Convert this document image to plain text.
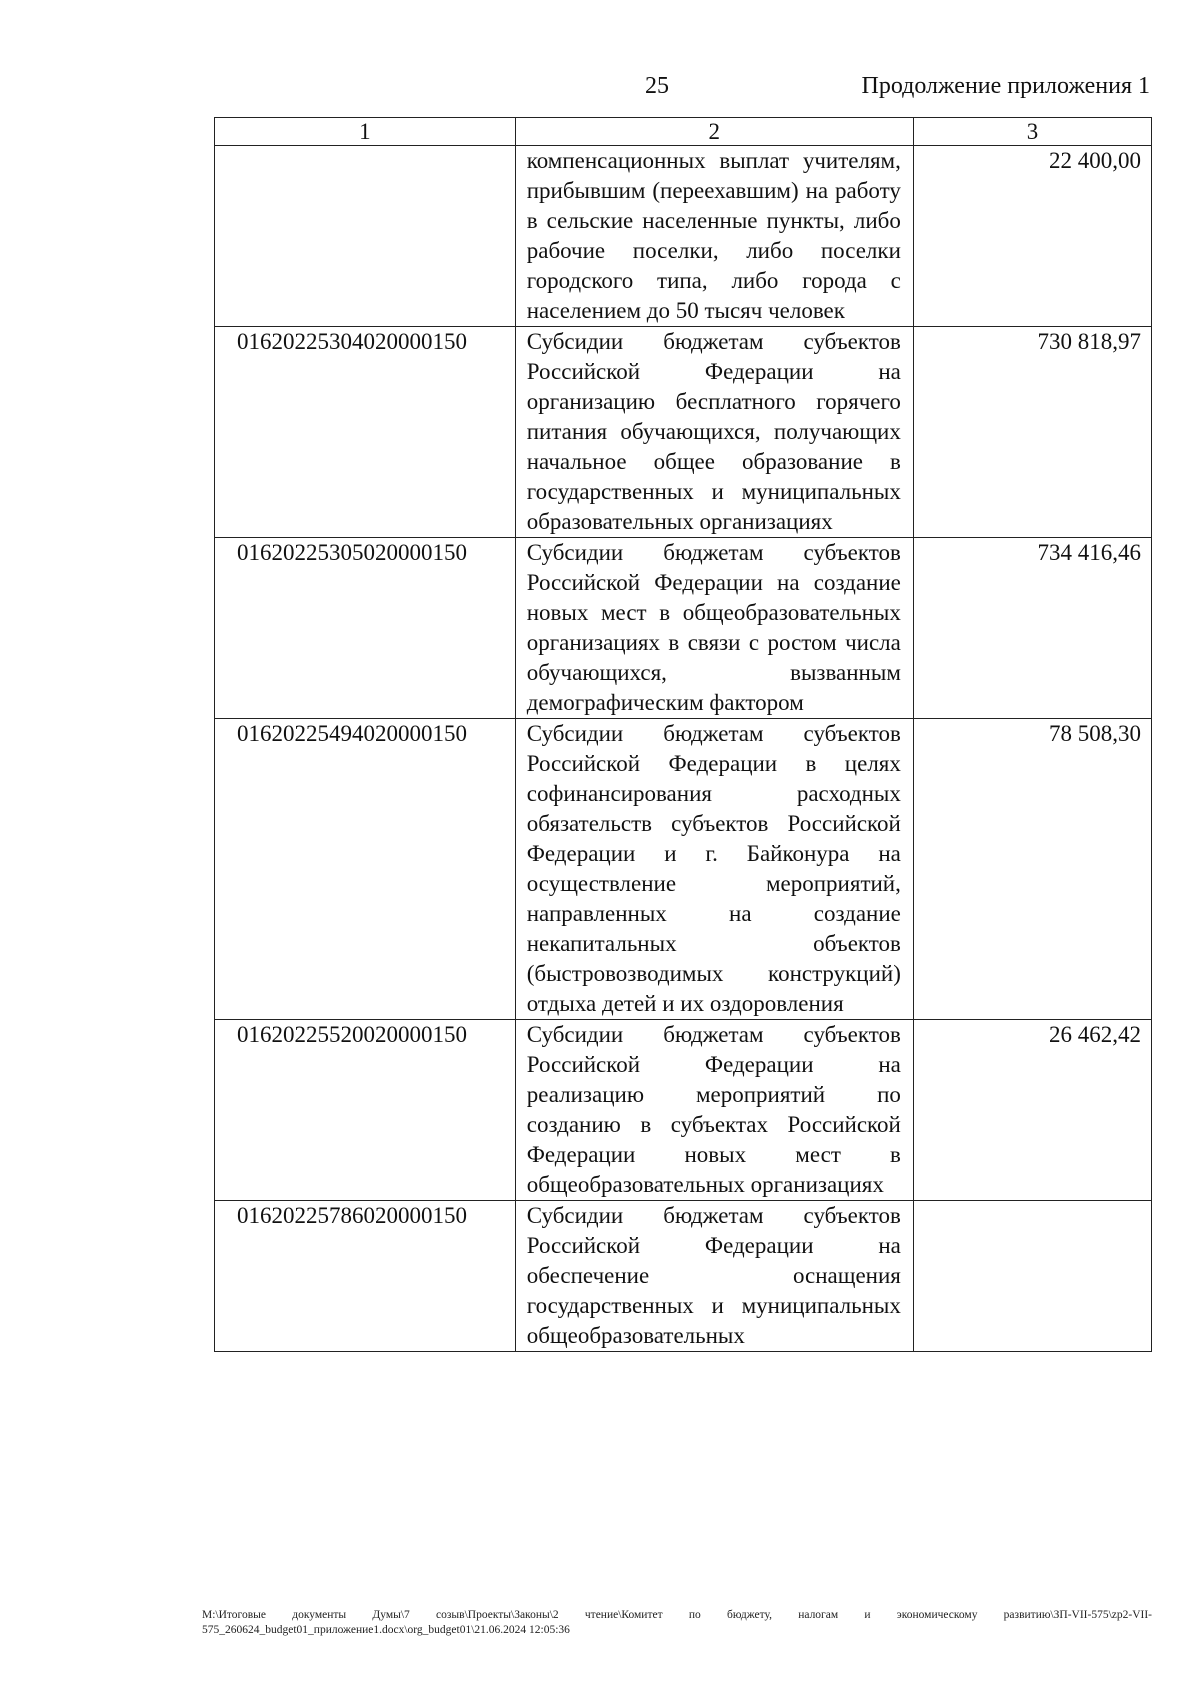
25	Продолжение приложения 1
1	2	3

	компенсационных выплат учителям, прибывшим (переехавшим) на работу в сельские населенные пункты, либо рабочие поселки, либо поселки городского типа, либо города с населением до 50 тысяч человек	22 400,00

01620225304020000150	Субсидии бюджетам субъектов Российской Федерации на организацию бесплатного горячего питания обучающихся, получающих начальное общее образование в государственных и муниципальных образовательных организациях	730 818,97

01620225305020000150	Субсидии бюджетам субъектов Российской Федерации на создание новых мест в общеобразовательных организациях в связи с ростом числа обучающихся, вызванным демографическим фактором	734 416,46

01620225494020000150	Субсидии бюджетам субъектов Российской Федерации в целях софинансирования расходных обязательств субъектов Российской Федерации и г. Байконура на осуществление мероприятий, направленных на создание некапитальных объектов (быстровозводимых конструкций) отдыха детей и их оздоровления	78 508,30

01620225520020000150	Субсидии бюджетам субъектов Российской Федерации на реализацию мероприятий по созданию в субъектах Российской Федерации новых мест в общеобразовательных организациях	26 462,42

01620225786020000150	Субсидии бюджетам субъектов Российской Федерации на обеспечение оснащения государственных и муниципальных общеобразовательных	

M:\Итоговые документы Думы\7 созыв\Проекты\Законы\2 чтение\Комитет по бюджету, налогам и экономическому развитию\ЗП-VII-575\zp2-VII-575_260624_budget01_приложение1.docx\org_budget01\21.06.2024 12:05:36
